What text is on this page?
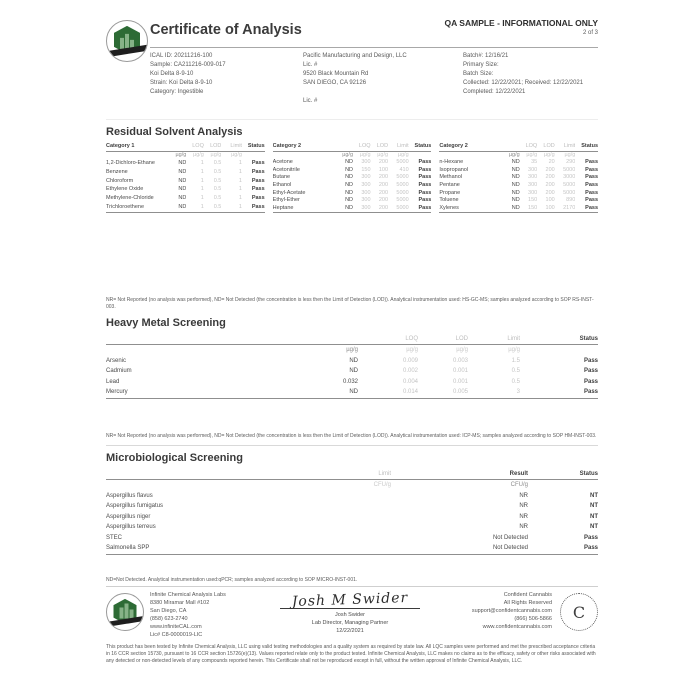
Certificate of Analysis	QA SAMPLE - INFORMATIONAL ONLY
2 of 3
ICAL ID: 20211216-100
Sample: CA211216-009-017
Koi Delta 8-9-10
Strain: Koi Delta 8-9-10
Category: Ingestible
Pacific Manufacturing and Design, LLC
Lic. #
9520 Black Mountain Rd
SAN DIEGO, CA 92126
Lic. #
Batch#: 12/16/21
Primary Size:
Batch Size:
Collected: 12/22/2021; Received: 12/22/2021
Completed: 12/22/2021
Residual Solvent Analysis
Category 1		LOQ	LOD	Limit	Status
	µg/g	µg/g	µg/g	µg/g	
1,2-Dichloro-Ethane	ND	1	0.5	1	Pass
Benzene	ND	1	0.5	1	Pass
Chloroform	ND	1	0.5	1	Pass
Ethylene Oxide	ND	1	0.5	1	Pass
Methylene-Chloride	ND	1	0.5	1	Pass
Trichloroethene	ND	1	0.5	1	Pass
Category 2		LOQ	LOD	Limit	Status
	µg/g	µg/g	µg/g	µg/g	
Acetone	ND	300	200	5000	Pass
Acetonitrile	ND	150	100	410	Pass
Butane	ND	300	200	5000	Pass
Ethanol	ND	300	200	5000	Pass
Ethyl-Acetate	ND	300	200	5000	Pass
Ethyl-Ether	ND	300	200	5000	Pass
Heptane	ND	300	200	5000	Pass
Category 2		LOQ	LOD	Limit	Status
	µg/g	µg/g	µg/g	µg/g	
n-Hexane	ND	35	20	290	Pass
Isopropanol	ND	300	200	5000	Pass
Methanol	ND	300	200	3000	Pass
Pentane	ND	300	200	5000	Pass
Propane	ND	300	200	5000	Pass
Toluene	ND	150	100	890	Pass
Xylenes	ND	150	100	2170	Pass

NR= Not Reported (no analysis was performed), ND= Not Detected (the concentration is less then the Limit of Detection (LOD)). Analytical instrumentation used: HS-GC-MS; samples analyzed according to SOP RS-INST-003.

Heavy Metal Screening
		LOQ	LOD	Limit	Status
	µg/g	µg/g	µg/g	µg/g	
Arsenic	ND	0.009	0.003	1.5	Pass
Cadmium	ND	0.002	0.001	0.5	Pass
Lead	0.032	0.004	0.001	0.5	Pass
Mercury	ND	0.014	0.005	3	Pass

NR= Not Reported (no analysis was performed), ND= Not Detected (the concentration is less then the Limit of Detection (LOD)). Analytical instrumentation used: ICP-MS; samples analyzed according to SOP HM-INST-003.

Microbiological Screening
	Limit	Result	Status
	CFU/g	CFU/g	
Aspergillus flavus		NR	NT
Aspergillus fumigatus		NR	NT
Aspergillus niger		NR	NT
Aspergillus terreus		NR	NT
STEC		Not Detected	Pass
Salmonella SPP		Not Detected	Pass

ND=Not Detected. Analytical instrumentation used:qPCR; samples analyzed according to SOP MICRO-INST-001.

Infinite Chemical Analysis Labs
8380 Miramar Mall #102
San Diego, CA
(858) 623-2740
www.infiniteCAL.com
Lic# C8-0000019-LIC
Josh M Swider
Josh Swider
Lab Director, Managing Partner
12/22/2021
Confident Cannabis
All Rights Reserved
support@confidentcannabis.com
(866) 506-5866
www.confidentcannabis.com
C

This product has been tested by Infinite Chemical Analysis, LLC using valid testing methodologies and a quality system as required by state law. All LQC samples were performed and met the prescribed acceptance criteria in 16 CCR section 15730, pursuant to 16 CCR section 15726(e)(13). Values reported relate only to the product tested. Infinite Chemical Analysis, LLC makes no claims as to the efficacy, safety or other risks associated with any detected or non-detected levels of any compounds reported herein. This Certificate shall not be reproduced except in full, without the written approval of Infinite Chemical Analysis, LLC.
